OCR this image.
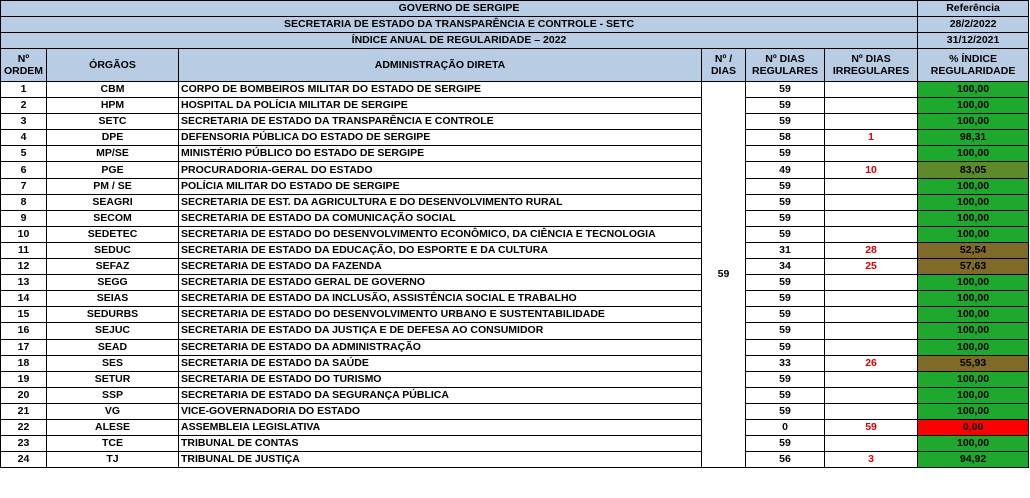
GOVERNO DE SERGIPE						Referência
SECRETARIA DE ESTADO DA TRANSPARÊNCIA E CONTROLE - SETC						28/2/2022
ÍNDICE ANUAL DE REGULARIDADE – 2022						31/12/2021
Nº ORDEM	ÓRGÃOS	ADMINISTRAÇÃO DIRETA	Nº / DIAS	Nº DIAS REGULARES	Nº DIAS IRREGULARES	% ÍNDICE REGULARIDADE
1	CBM	CORPO DE BOMBEIROS MILITAR DO ESTADO DE SERGIPE	59	59		100,00
2	HPM	HOSPITAL DA POLÍCIA MILITAR DE SERGIPE		59		100,00
3	SETC	SECRETARIA DE ESTADO DA TRANSPARÊNCIA E CONTROLE		59		100,00
4	DPE	DEFENSORIA PÚBLICA DO ESTADO DE SERGIPE		58	1	98,31
5	MP/SE	MINISTÉRIO PÚBLICO DO ESTADO DE SERGIPE		59		100,00
6	PGE	PROCURADORIA-GERAL DO ESTADO		49	10	83,05
7	PM / SE	POLÍCIA MILITAR DO ESTADO DE SERGIPE		59		100,00
8	SEAGRI	SECRETARIA DE EST. DA AGRICULTURA E DO DESENVOLVIMENTO RURAL		59		100,00
9	SECOM	SECRETARIA DE ESTADO DA COMUNICAÇÃO SOCIAL		59		100,00
10	SEDETEC	SECRETARIA DE ESTADO DO DESENVOLVIMENTO ECONÔMICO, DA CIÊNCIA E TECNOLOGIA		59		100,00
11	SEDUC	SECRETARIA DE ESTADO DA EDUCAÇÃO, DO ESPORTE E DA CULTURA		31	28	52,54
12	SEFAZ	SECRETARIA DE ESTADO DA FAZENDA		34	25	57,63
13	SEGG	SECRETARIA DE ESTADO GERAL DE GOVERNO		59		100,00
14	SEIAS	SECRETARIA DE ESTADO DA INCLUSÃO, ASSISTÊNCIA SOCIAL E TRABALHO		59		100,00
15	SEDURBS	SECRETARIA DE ESTADO DO DESENVOLVIMENTO URBANO E SUSTENTABILIDADE		59		100,00
16	SEJUC	SECRETARIA DE ESTADO DA JUSTIÇA E DE DEFESA AO CONSUMIDOR		59		100,00
17	SEAD	SECRETARIA DE ESTADO DA ADMINISTRAÇÃO		59		100,00
18	SES	SECRETARIA DE ESTADO DA SAÚDE		33	26	55,93
19	SETUR	SECRETARIA DE ESTADO DO TURISMO		59		100,00
20	SSP	SECRETARIA DE ESTADO DA SEGURANÇA PÚBLICA		59		100,00
21	VG	VICE-GOVERNADORIA DO ESTADO		59		100,00
22	ALESE	ASSEMBLEIA LEGISLATIVA		0	59	0,00
23	TCE	TRIBUNAL DE CONTAS		59		100,00
24	TJ	TRIBUNAL DE JUSTIÇA		56	3	94,92
